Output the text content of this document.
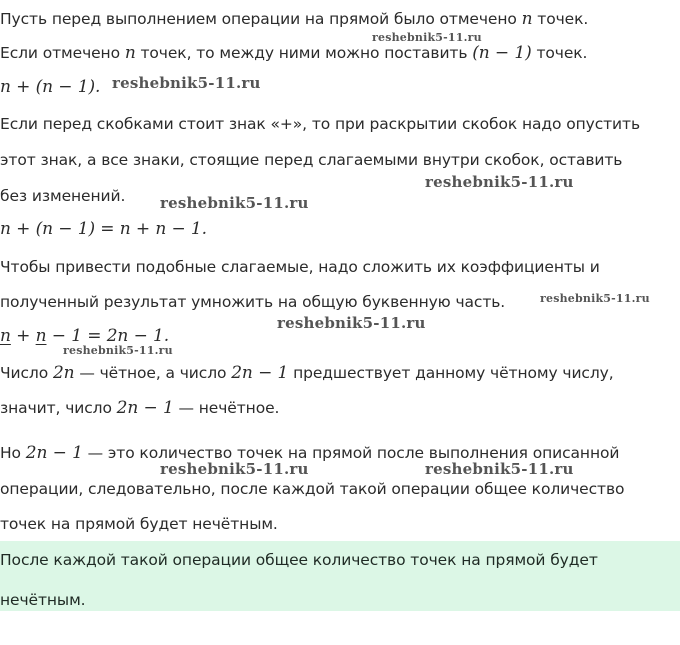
Пусть перед выполнением операции на прямой было отмечено n точек.
Если отмечено n точек, то между ними можно поставить (n − 1) точек.
n + (n − 1).
Если перед скобками стоит знак «+», то при раскрытии скобок надо опустить
этот знак, а все знаки, стоящие перед слагаемыми внутри скобок, оставить
без изменений.
n + (n − 1) = n + n − 1.
Чтобы привести подобные слагаемые, надо сложить их коэффициенты и
полученный результат умножить на общую буквенную часть.
n + n − 1 = 2n − 1.
Число 2n — чётное, а число 2n − 1 предшествует данному чётному числу,
значит, число 2n − 1 — нечётное.
Но 2n − 1 — это количество точек на прямой после выполнения описанной
операции, следовательно, после каждой такой операции общее количество
точек на прямой будет нечётным.
После каждой такой операции общее количество точек на прямой будет
нечётным.
reshebnik5-11.ru
reshebnik5-11.ru
reshebnik5-11.ru
reshebnik5-11.ru
reshebnik5-11.ru
reshebnik5-11.ru
reshebnik5-11.ru
reshebnik5-11.ru	reshebnik5-11.ru
